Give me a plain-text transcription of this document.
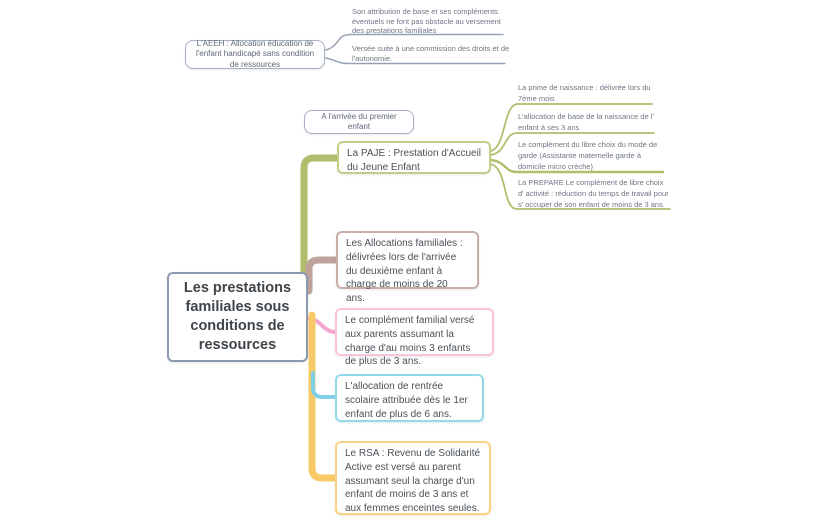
Les prestations familiales sous conditions de ressources
L'AEEH : Allocation éducation de l'enfant handicapé sans condition de ressources
A l'arrivée du premier enfant
Son attribution de base et ses compléments éventuels ne font pas obstacle au versement des prestations familiales
Versée suite à une commission des droits et de l'autonomie.
La PAJE : Prestation d'Accueil du Jeune Enfant
Les Allocations familiales : délivrées lors de l'arrivée du deuxième enfant à charge de moins de 20 ans.
Le complément familial versé aux parents assumant la charge d'au moins 3 enfants de plus de 3 ans.
L'allocation de rentrée scolaire attribuée dès le 1er enfant de plus de 6 ans.
Le RSA : Revenu de Solidarité Active est versé au parent assumant seul la charge d'un enfant de moins de 3 ans et aux femmes enceintes seules.
La prime de naissance : délivrée lors du 7ème mois
L'allocation de base de la naissance de l' enfant à ses 3 ans
Le complément du libre choix du mode de garde (Assistante maternelle garde à domicile micro crèche)
La PREPARE Le complément de libre choix d' activité : réduction du temps de travail pour s' occuper de son enfant de moins de 3 ans.
